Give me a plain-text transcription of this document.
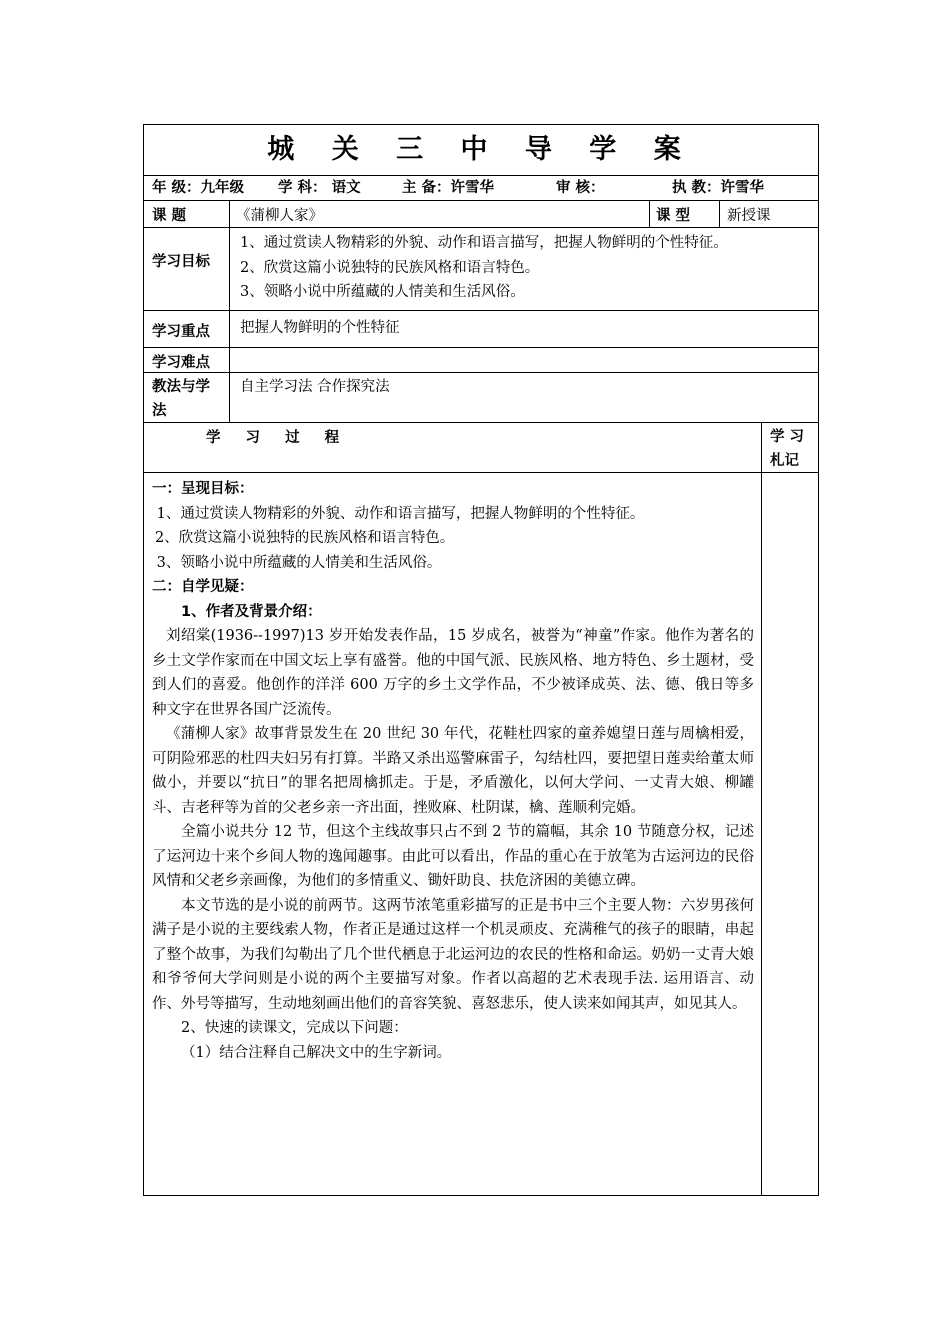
城 关 三 中 导 学 案
年 级：九年级 学 科： 语文	主 备：许雪华	审 核：	执 教：许雪华
课 题	《蒲柳人家》	课 型	新授课
学习目标

1、通过赏读人物精彩的外貌、动作和语言描写，把握人物鲜明的个性特征。

2、欣赏这篇小说独特的民族风格和语言特色。

3、领略小说中所蕴藏的人情美和生活风俗。

学习重点 把握人物鲜明的个性特征
学习难点
教法与学
法
自主学习法 合作探究法
学 习 过 程	学 习
札记

一：呈现目标：

1、通过赏读人物精彩的外貌、动作和语言描写，把握人物鲜明的个性特征。

2、欣赏这篇小说独特的民族风格和语言特色。

3、领略小说中所蕴藏的人情美和生活风俗。

二：自学见疑：

1、作者及背景介绍：

刘绍棠(1936--1997)13 岁开始发表作品，15 岁成名，被誉为“神童”作家。他作为著名的乡土文学作家而在中国文坛上享有盛誉。他的中国气派、民族风格、地方特色、乡土题材，受到人们的喜爱。他创作的洋洋 600 万字的乡土文学作品，不少被译成英、法、德、俄日等多种文字在世界各国广泛流传。

《蒲柳人家》故事背景发生在 20 世纪 30 年代，花鞋杜四家的童养媳望日莲与周檎相爱，可阴险邪恶的杜四夫妇另有打算。半路又杀出巡警麻雷子，勾结杜四，要把望日莲卖给董太师做小，并要以“抗日”的罪名把周檎抓走。于是，矛盾激化，以何大学问、一丈青大娘、柳罐斗、吉老秤等为首的父老乡亲一齐出面，挫败麻、杜阴谋，檎、莲顺利完婚。

全篇小说共分 12 节，但这个主线故事只占不到 2 节的篇幅，其余 10 节随意分权，记述了运河边十来个乡间人物的逸闻趣事。由此可以看出，作品的重心在于放笔为古运河边的民俗风情和父老乡亲画像，为他们的多情重义、锄奸助良、扶危济困的美德立碑。

本文节选的是小说的前两节。这两节浓笔重彩描写的正是书中三个主要人物：六岁男孩何满子是小说的主要线索人物，作者正是通过这样一个机灵顽皮、充满稚气的孩子的眼睛，串起了整个故事，为我们勾勒出了几个世代栖息于北运河边的农民的性格和命运。奶奶一丈青大娘和爷爷何大学问则是小说的两个主要描写对象。作者以高超的艺术表现手法. 运用语言、动作、外号等描写，生动地刻画出他们的音容笑貌、喜怒悲乐，使人读来如闻其声，如见其人。

2、快速的读课文，完成以下问题：

（1）结合注释自己解决文中的生字新词。
